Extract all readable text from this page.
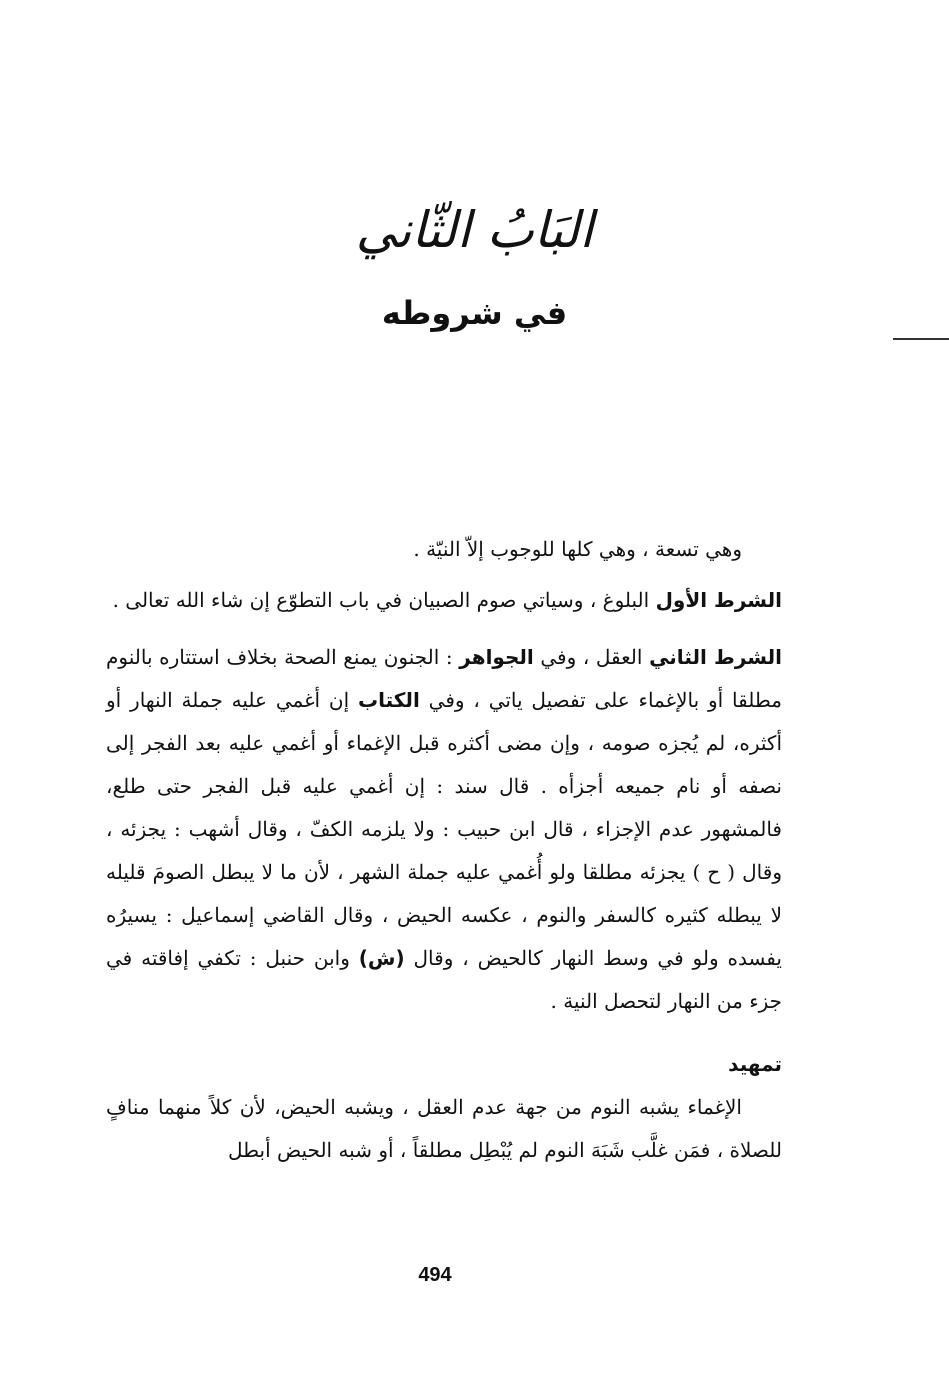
البَابُ الثّاني
في شروطه

وهي تسعة ، وهي كلها للوجوب إلاّ النيّة .

الشرط الأول البلوغ ، وسياتي صوم الصبيان في باب التطوّع إن شاء الله تعالى .

الشرط الثاني العقل ، وفي الجواهر : الجنون يمنع الصحة بخلاف استتاره بالنوم مطلقا أو بالإغماء على تفصيل ياتي ، وفي الكتاب إن أغمي عليه جملة النهار أو أكثره، لم يُجزه صومه ، وإن مضى أكثره قبل الإغماء أو أغمي عليه بعد الفجر إلى نصفه أو نام جميعه أجزأه . قال سند : إن أغمي عليه قبل الفجر حتى طلع، فالمشهور عدم الإجزاء ، قال ابن حبيب : ولا يلزمه الكفّ ، وقال أشهب : يجزئه ، وقال ( ح ) يجزئه مطلقا ولو أُغمي عليه جملة الشهر ، لأن ما لا يبطل الصومَ قليله لا يبطله كثيره كالسفر والنوم ، عكسه الحيض ، وقال القاضي إسماعيل : يسيرُه يفسده ولو في وسط النهار كالحيض ، وقال (ش) وابن حنبل : تكفي إفاقته في جزء من النهار لتحصل النية .

تمهيد

الإغماء يشبه النوم من جهة عدم العقل ، ويشبه الحيض، لأن كلاً منهما منافٍ للصلاة ، فمَن غلَّب شَبَهَ النوم لم يُبْطِل مطلقاً ، أو شبه الحيض أبطل

494
